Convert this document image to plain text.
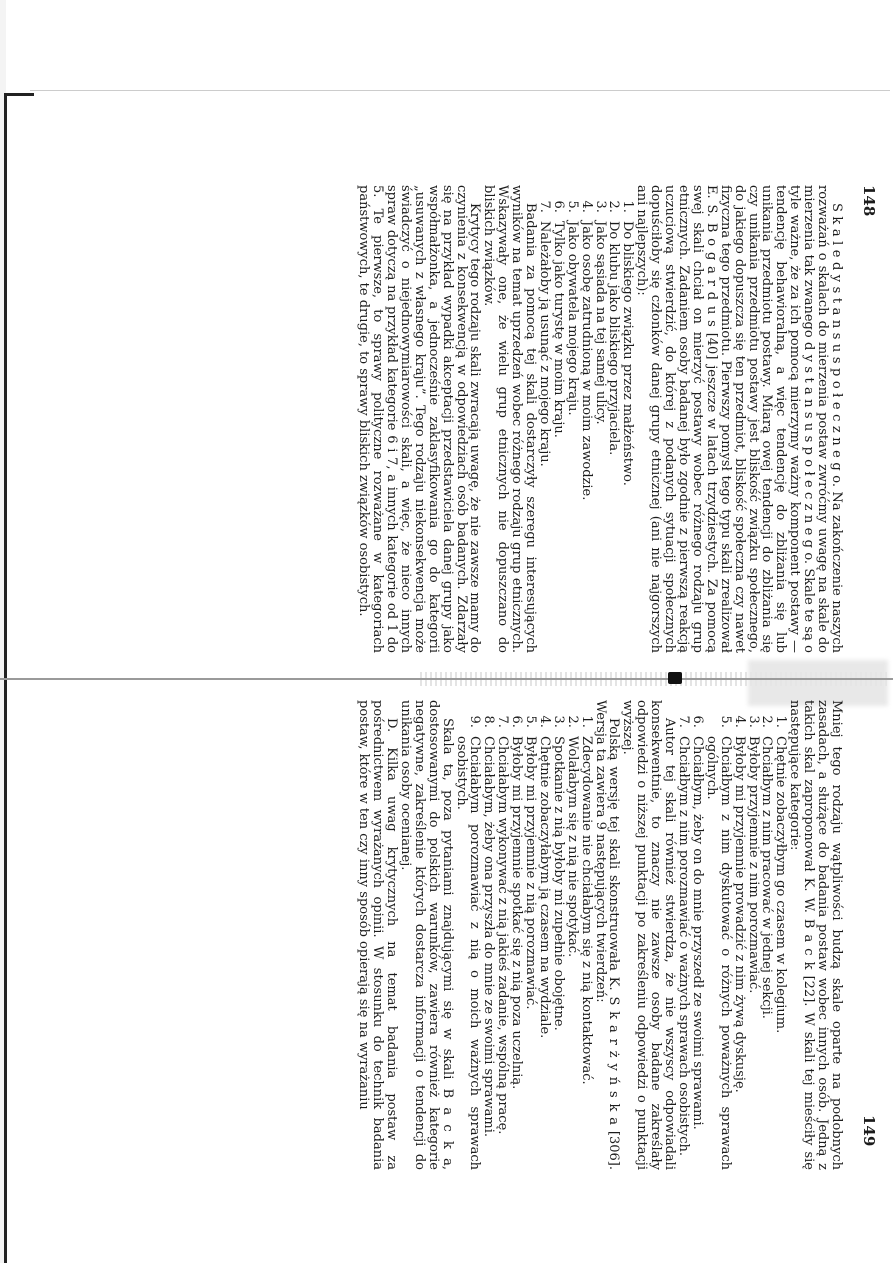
148

S k a l e d y s t a n s u s p o ł e c z n e g o. Na zakończenie naszych rozważań o skalach do mierzenia postaw zwróćmy uwagę na skale do mierzenia tak zwanego d y s t a n s u s p o ł e c z n e g o. Skale te są o tyle ważne, że za ich pomocą mierzymy ważny komponent postawy — tendencję behawioralną, a więc tendencję do zbliżania się lub unikania przedmiotu postawy. Miarą owej tendencji do zbliżania się czy unikania przedmiotu postawy jest bliskość związku społecznego, do jakiego dopuszcza się ten przedmiot, bliskość społeczna czy nawet fizyczna tego przedmiotu. Pierwszy pomysł tego typu skali zrealizował E. S. B o g a r d u s [40] jeszcze w latach trzydziestych. Za pomocą swej skali chciał on mierzyć postawy wobec różnego rodzaju grup etnicznych. Zadaniem osoby badanej było zgodnie z pierwszą reakcją uczuciową stwierdzić, do której z podanych sytuacji społecznych dopuściłoby się członków danej grupy etnicznej (ani nie najgorszych ani najlepszych):

1. Do bliskiego związku przez małżeństwo.
2. Do klubu jako bliskiego przyjaciela.
3. Jako sąsiada na tej samej ulicy.
4. Jako osobę zatrudnioną w moim zawodzie.
5. Jako obywatela mojego kraju.
6. Tylko jako turystę w moim kraju.
7. Należałoby ją usunąć z mojego kraju.

Badania za pomocą tej skali dostarczyły szeregu interesujących wyników na temat uprzedzeń wobec różnego rodzaju grup etnicznych. Wskazywały one, że wielu grup etnicznych nie dopuszczano do bliskich związków.

Krytycy tego rodzaju skali zwracają uwagę, że nie zawsze mamy do czynienia z konsekwencją w odpowiedziach osób badanych. Zdarzały się na przykład wypadki akceptacji przedstawiciela danej grupy jako współmałżonka, a jednocześnie zaklasyfikowania go do kategorii „usuwanych z własnego kraju”. Tego rodzaju niekonsekwencja może świadczyć o niejednowymiarowości skali, a więc, że nieco innych spraw dotyczą na przykład kategorie 6 i 7, a innych kategorie od 1 do 5. Te pierwsze, to sprawy polityczne rozważane w kategoriach państwowych, te drugie, to sprawy bliskich związków osobistych.

149

Mniej tego rodzaju wątpliwości budzą skale oparte na podobnych zasadach, a służące do badania postaw wobec innych osób. Jedną z takich skal zaproponował K. W. B a c k [22]. W skali tej mieściły się następujące kategorie:

1. Chętnie zobaczyłbym go czasem w kolegium.
2. Chciałbym z nim pracować w jednej sekcji.
3. Byłoby przyjemnie z nim porozmawiać.
4. Byłoby mi przyjemnie prowadzić z nim żywą dyskusję.
5. Chciałbym z nim dyskutować o różnych poważnych sprawach ogólnych.
6. Chciałbym, żeby on do mnie przyszedł ze swoimi sprawami.
7. Chciałbym z nim porozmawiać o ważnych sprawach osobistych.

Autor tej skali również stwierdza, że nie wszyscy odpowiadali konsekwentnie, to znaczy nie zawsze osoby badane zakreślały odpowiedzi o niższej punktacji po zakreśleniu odpowiedzi o punktacji wyższej.

Polską wersję tej skali skonstruowała K. S k a r ż y ń s k a [306]. Wersja ta zawiera 9 następujących twierdzeń:

1. Zdecydowanie nie chciałabym się z nią kontaktować.
2. Wolałabym się z nią nie spotykać.
3. Spotkanie z nią byłoby mi zupełnie obojętne.
4. Chętnie zobaczyłabym ją czasem na wydziale.
5. Byłoby mi przyjemnie z nią porozmawiać.
6. Byłoby mi przyjemnie spotkać się z nią poza uczelnią.
7. Chciałabym wykonywać z nią jakieś zadanie, wspólną pracę.
8. Chciałabym, żeby ona przyszła do mnie ze swoimi sprawami.
9. Chciałabym porozmawiać z nią o moich ważnych sprawach osobistych.

Skala ta, poza pytaniami znajdującymi się w skali B a c k a, dostosowanymi do polskich warunków, zawiera również kategorie negatywne, zakreślenie których dostarcza informacji o tendencji do unikania osoby ocenianej.

D. Kilka uwag krytycznych na temat badania postaw za pośrednictwem wyrażanych opinii. W stosunku do technik badania postaw, które w ten czy inny sposób opierają się na wyrażaniu
